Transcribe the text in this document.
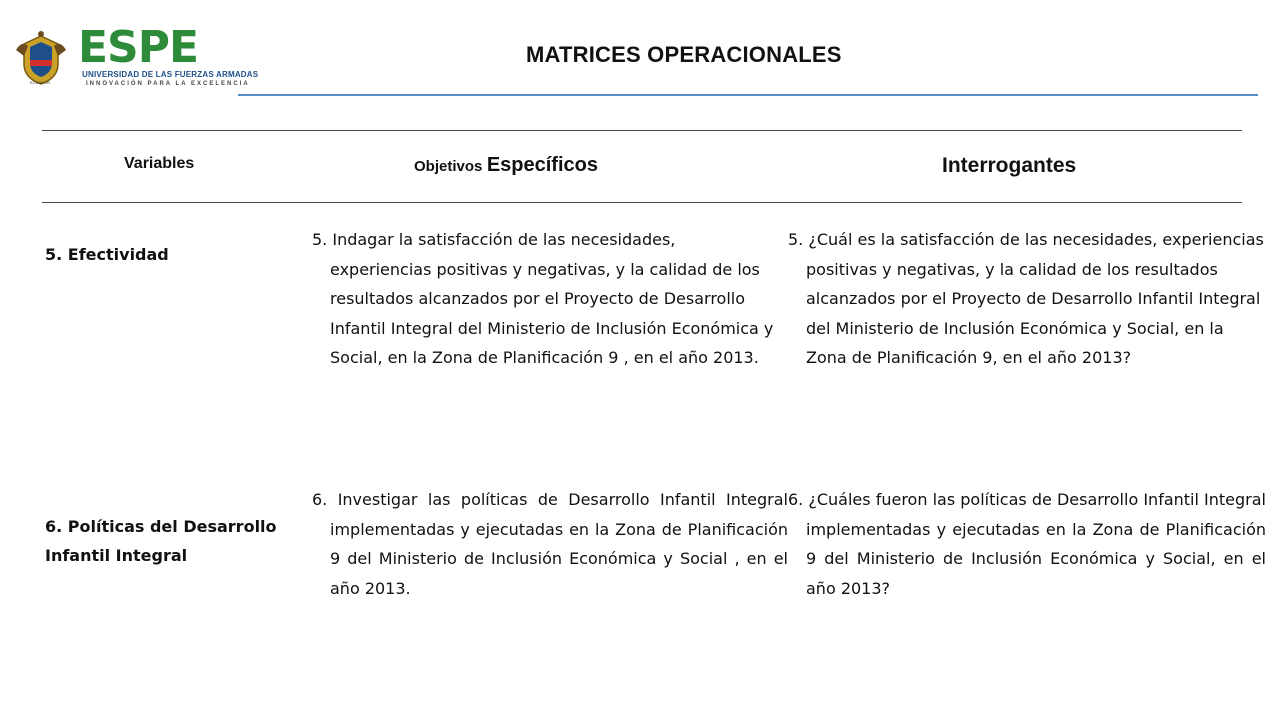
ECUADOR
ESPE
UNIVERSIDAD DE LAS FUERZAS ARMADAS
INNOVACIÓN PARA LA EXCELENCIA
MATRICES OPERACIONALES
Variables	Objetivos Específicos	Interrogantes
5. Efectividad
5. Indagar la satisfacción de las necesidades, experiencias positivas y negativas, y la calidad de los resultados alcanzados por el Proyecto de Desarrollo Infantil Integral del Ministerio de Inclusión Económica y Social, en la Zona de Planificación 9 , en el año 2013.
5. ¿Cuál es la satisfacción de las necesidades, experiencias positivas y negativas, y la calidad de los resultados alcanzados por el Proyecto de Desarrollo Infantil Integral del Ministerio de Inclusión Económica y Social, en la Zona de Planificación 9, en el año 2013?
6. Políticas del Desarrollo Infantil Integral
6. Investigar las políticas de Desarrollo Infantil Integral implementadas y ejecutadas en la Zona de Planificación 9 del Ministerio de Inclusión Económica y Social , en el año 2013.
6. ¿Cuáles fueron las políticas de Desarrollo Infantil Integral implementadas y ejecutadas en la Zona de Planificación 9 del Ministerio de Inclusión Económica y Social, en el año 2013?
